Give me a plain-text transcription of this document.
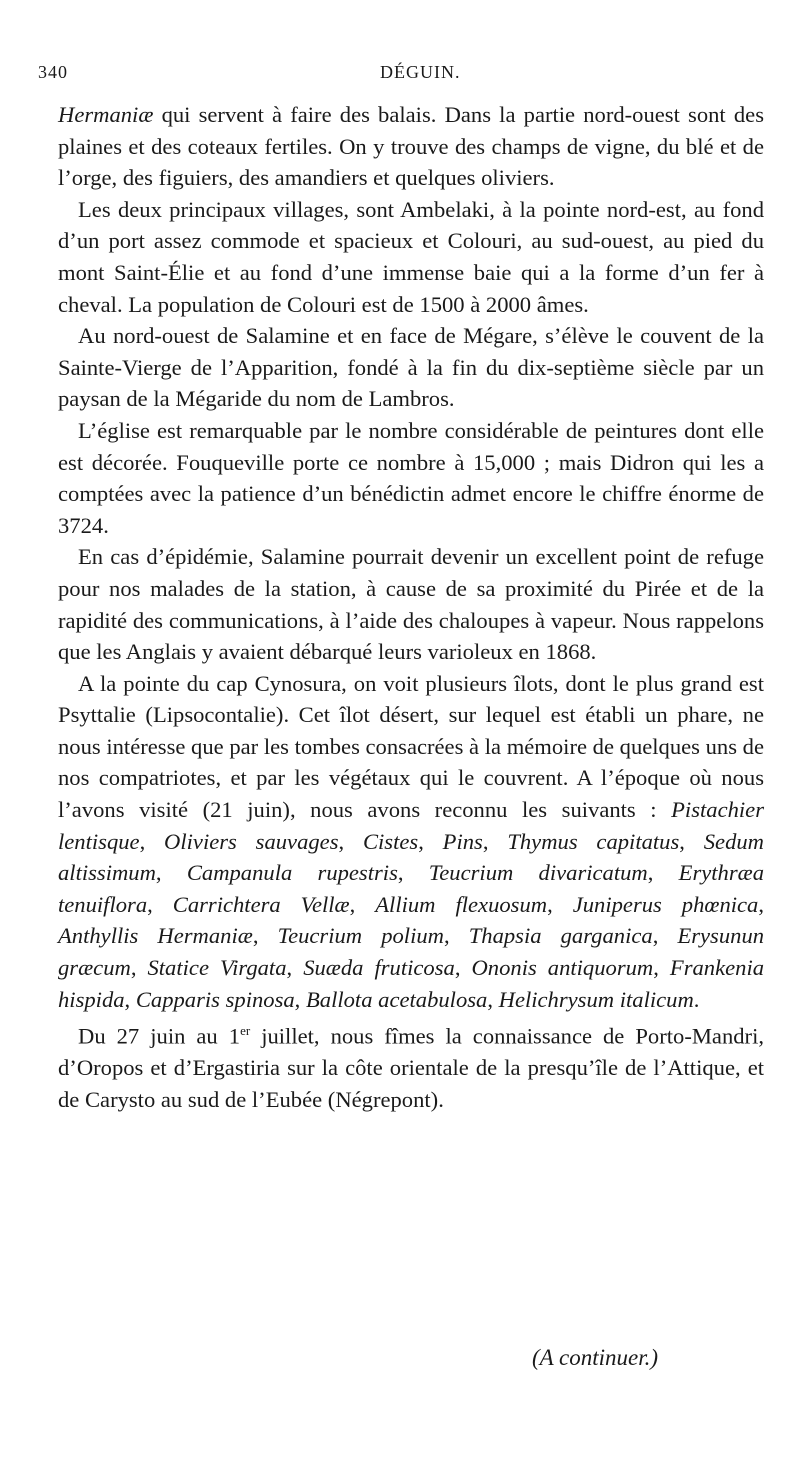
340	DÉGUIN.

Hermaniæ qui servent à faire des balais. Dans la partie nord-ouest sont des plaines et des coteaux fertiles. On y trouve des champs de vigne, du blé et de l’orge, des figuiers, des amandiers et quelques oliviers.

Les deux principaux villages, sont Ambelaki, à la pointe nord-est, au fond d’un port assez commode et spacieux et Colouri, au sud-ouest, au pied du mont Saint-Élie et au fond d’une immense baie qui a la forme d’un fer à cheval. La population de Colouri est de 1500 à 2000 âmes.

Au nord-ouest de Salamine et en face de Mégare, s’élève le couvent de la Sainte-Vierge de l’Apparition, fondé à la fin du dix-septième siècle par un paysan de la Mégaride du nom de Lambros.

L’église est remarquable par le nombre considérable de peintures dont elle est décorée. Fouqueville porte ce nombre à 15,000 ; mais Didron qui les a comptées avec la patience d’un bénédictin admet encore le chiffre énorme de 3724.

En cas d’épidémie, Salamine pourrait devenir un excellent point de refuge pour nos malades de la station, à cause de sa proximité du Pirée et de la rapidité des communications, à l’aide des chaloupes à vapeur. Nous rappelons que les Anglais y avaient débarqué leurs varioleux en 1868.

A la pointe du cap Cynosura, on voit plusieurs îlots, dont le plus grand est Psyttalie (Lipsocontalie). Cet îlot désert, sur lequel est établi un phare, ne nous intéresse que par les tombes consacrées à la mémoire de quelques uns de nos compatriotes, et par les végétaux qui le couvrent. A l’époque où nous l’avons visité (21 juin), nous avons reconnu les suivants : Pistachier lentisque, Oliviers sauvages, Cistes, Pins, Thymus capitatus, Sedum altissimum, Campanula rupestris, Teucrium divaricatum, Erythræa tenuiflora, Carrichtera Vellæ, Allium flexuosum, Juniperus phœnica, Anthyllis Hermaniæ, Teucrium polium, Thapsia garganica, Erysunun græcum, Statice Virgata, Suæda fruticosa, Ononis antiquorum, Frankenia hispida, Capparis spinosa, Ballota acetabulosa, Helichrysum italicum.

Du 27 juin au 1er juillet, nous fîmes la connaissance de Porto-Mandri, d’Oropos et d’Ergastiria sur la côte orientale de la presqu’île de l’Attique, et de Carysto au sud de l’Eubée (Négrepont).

(A continuer.)
